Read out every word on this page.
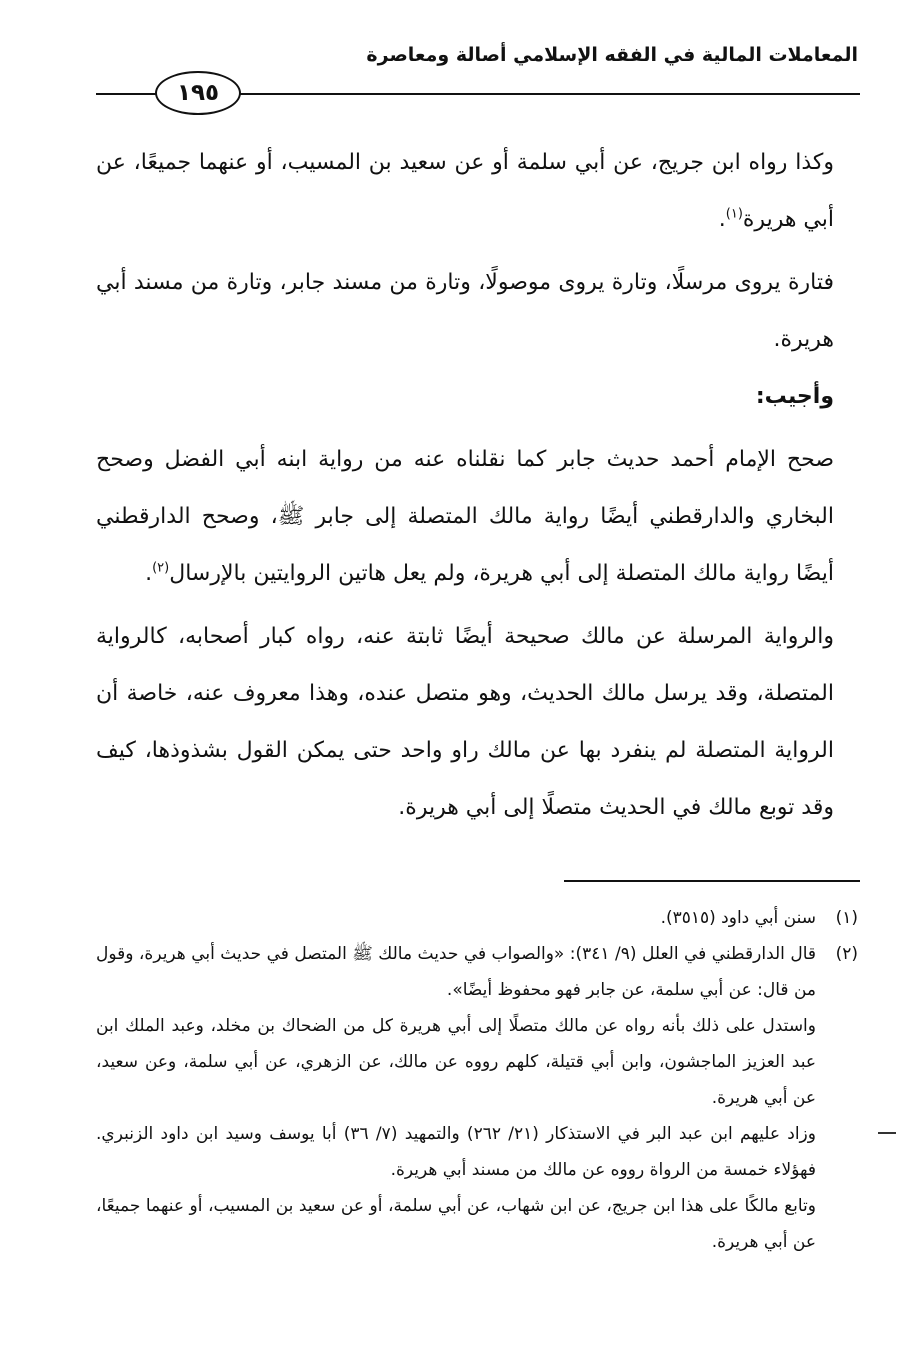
المعاملات المالية في الفقه الإسلامي أصالة ومعاصرة
١٩٥

وكذا رواه ابن جريج، عن أبي سلمة أو عن سعيد بن المسيب، أو عنهما جميعًا، عن أبي هريرة$^{(١)}$.

فتارة يروى مرسلًا، وتارة يروى موصولًا، وتارة من مسند جابر، وتارة من مسند أبي هريرة.

وأجيب:

صحح الإمام أحمد حديث جابر كما نقلناه عنه من رواية ابنه أبي الفضل وصحح البخاري والدارقطني أيضًا رواية مالك المتصلة إلى جابر ﷺ، وصحح الدارقطني أيضًا رواية مالك المتصلة إلى أبي هريرة، ولم يعل هاتين الروايتين بالإرسال$^{(٢)}$.

والرواية المرسلة عن مالك صحيحة أيضًا ثابتة عنه، رواه كبار أصحابه، كالرواية المتصلة، وقد يرسل مالك الحديث، وهو متصل عنده، وهذا معروف عنه، خاصة أن الرواية المتصلة لم ينفرد بها عن مالك راو واحد حتى يمكن القول بشذوذها، كيف وقد توبع مالك في الحديث متصلًا إلى أبي هريرة.

(١)

سنن أبي داود (٣٥١٥).

(٢)

قال الدارقطني في العلل (٩/ ٣٤١): «والصواب في حديث مالك ﷺ المتصل في حديث أبي هريرة، وقول من قال: عن أبي سلمة، عن جابر فهو محفوظ أيضًا».

واستدل على ذلك بأنه رواه عن مالك متصلًا إلى أبي هريرة كل من الضحاك بن مخلد، وعبد الملك ابن عبد العزيز الماجشون، وابن أبي قتيلة، كلهم رووه عن مالك، عن الزهري، عن أبي سلمة، وعن سعيد، عن أبي هريرة.

وزاد عليهم ابن عبد البر في الاستذكار (٢١/ ٢٦٢) والتمهيد (٧/ ٣٦) أبا يوسف وسيد ابن داود الزنبري. فهؤلاء خمسة من الرواة رووه عن مالك من مسند أبي هريرة.

وتابع مالكًا على هذا ابن جريج، عن ابن شهاب، عن أبي سلمة، أو عن سعيد بن المسيب، أو عنهما جميعًا، عن أبي هريرة.
